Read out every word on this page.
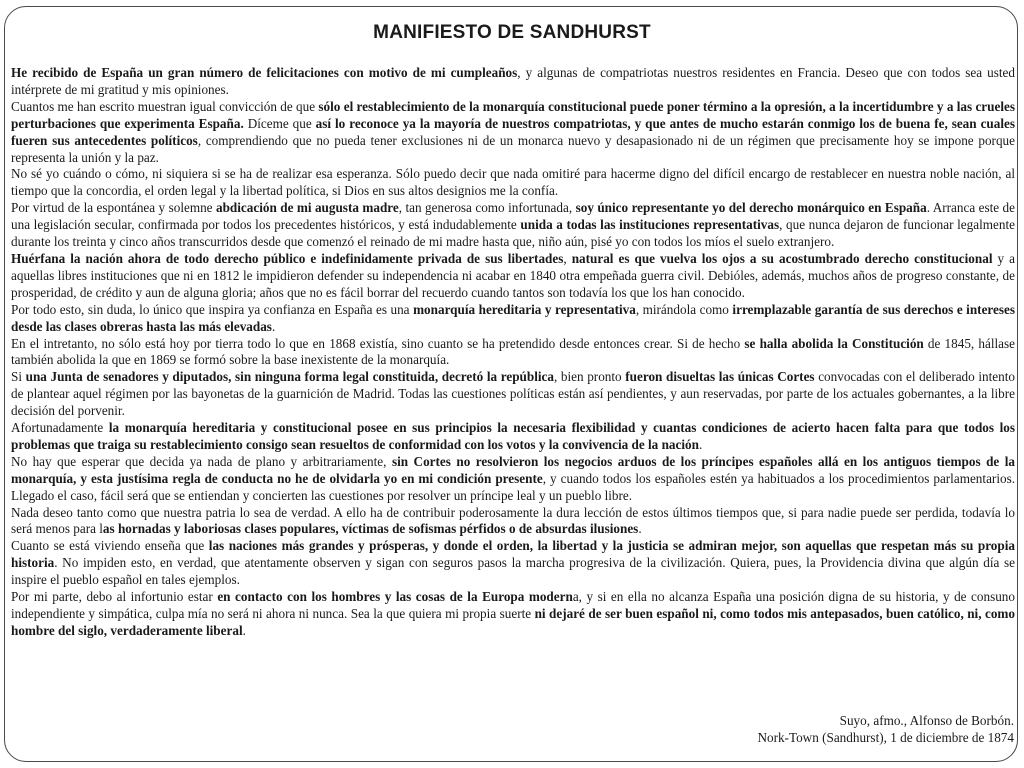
MANIFIESTO DE SANDHURST

He recibido de España un gran número de felicitaciones con motivo de mi cumpleaños, y algunas de compatriotas nuestros residentes en Francia. Deseo que con todos sea usted intérprete de mi gratitud y mis opiniones.

Cuantos me han escrito muestran igual convicción de que sólo el restablecimiento de la monarquía constitucional puede poner término a la opresión, a la incertidumbre y a las crueles perturbaciones que experimenta España. Díceme que así lo reconoce ya la mayoría de nuestros compatriotas, y que antes de mucho estarán conmigo los de buena fe, sean cuales fueren sus antecedentes políticos, comprendiendo que no pueda tener exclusiones ni de un monarca nuevo y desapasionado ni de un régimen que precisamente hoy se impone porque representa la unión y la paz.

No sé yo cuándo o cómo, ni siquiera si se ha de realizar esa esperanza. Sólo puedo decir que nada omitiré para hacerme digno del difícil encargo de restablecer en nuestra noble nación, al tiempo que la concordia, el orden legal y la libertad política, si Dios en sus altos designios me la confía.

Por virtud de la espontánea y solemne abdicación de mi augusta madre, tan generosa como infortunada, soy único representante yo del derecho monárquico en España. Arranca este de una legislación secular, confirmada por todos los precedentes históricos, y está indudablemente unida a todas las instituciones representativas, que nunca dejaron de funcionar legalmente durante los treinta y cinco años transcurridos desde que comenzó el reinado de mi madre hasta que, niño aún, pisé yo con todos los míos el suelo extranjero.

Huérfana la nación ahora de todo derecho público e indefinidamente privada de sus libertades, natural es que vuelva los ojos a su acostumbrado derecho constitucional y a aquellas libres instituciones que ni en 1812 le impidieron defender su independencia ni acabar en 1840 otra empeñada guerra civil. Debióles, además, muchos años de progreso constante, de prosperidad, de crédito y aun de alguna gloria; años que no es fácil borrar del recuerdo cuando tantos son todavía los que los han conocido.

Por todo esto, sin duda, lo único que inspira ya confianza en España es una monarquía hereditaria y representativa, mirándola como irremplazable garantía de sus derechos e intereses desde las clases obreras hasta las más elevadas.

En el intretanto, no sólo está hoy por tierra todo lo que en 1868 existía, sino cuanto se ha pretendido desde entonces crear. Si de hecho se halla abolida la Constitución de 1845, hállase también abolida la que en 1869 se formó sobre la base inexistente de la monarquía.

Si una Junta de senadores y diputados, sin ninguna forma legal constituida, decretó la república, bien pronto fueron disueltas las únicas Cortes convocadas con el deliberado intento de plantear aquel régimen por las bayonetas de la guarnición de Madrid. Todas las cuestiones políticas están así pendientes, y aun reservadas, por parte de los actuales gobernantes, a la libre decisión del porvenir.

Afortunadamente la monarquía hereditaria y constitucional posee en sus principios la necesaria flexibilidad y cuantas condiciones de acierto hacen falta para que todos los problemas que traiga su restablecimiento consigo sean resueltos de conformidad con los votos y la convivencia de la nación.

No hay que esperar que decida ya nada de plano y arbitrariamente, sin Cortes no resolvieron los negocios arduos de los príncipes españoles allá en los antiguos tiempos de la monarquía, y esta justísima regla de conducta no he de olvidarla yo en mi condición presente, y cuando todos los españoles estén ya habituados a los procedimientos parlamentarios. Llegado el caso, fácil será que se entiendan y concierten las cuestiones por resolver un príncipe leal y un pueblo libre.

Nada deseo tanto como que nuestra patria lo sea de verdad. A ello ha de contribuir poderosamente la dura lección de estos últimos tiempos que, si para nadie puede ser perdida, todavía lo será menos para las hornadas y laboriosas clases populares, víctimas de sofismas pérfidos o de absurdas ilusiones.

Cuanto se está viviendo enseña que las naciones más grandes y prósperas, y donde el orden, la libertad y la justicia se admiran mejor, son aquellas que respetan más su propia historia. No impiden esto, en verdad, que atentamente observen y sigan con seguros pasos la marcha progresiva de la civilización. Quiera, pues, la Providencia divina que algún día se inspire el pueblo español en tales ejemplos.

Por mi parte, debo al infortunio estar en contacto con los hombres y las cosas de la Europa moderna, y si en ella no alcanza España una posición digna de su historia, y de consuno independiente y simpática, culpa mía no será ni ahora ni nunca. Sea la que quiera mi propia suerte ni dejaré de ser buen español ni, como todos mis antepasados, buen católico, ni, como hombre del siglo, verdaderamente liberal.

Suyo, afmo., Alfonso de Borbón.
Nork-Town (Sandhurst), 1 de diciembre de 1874
